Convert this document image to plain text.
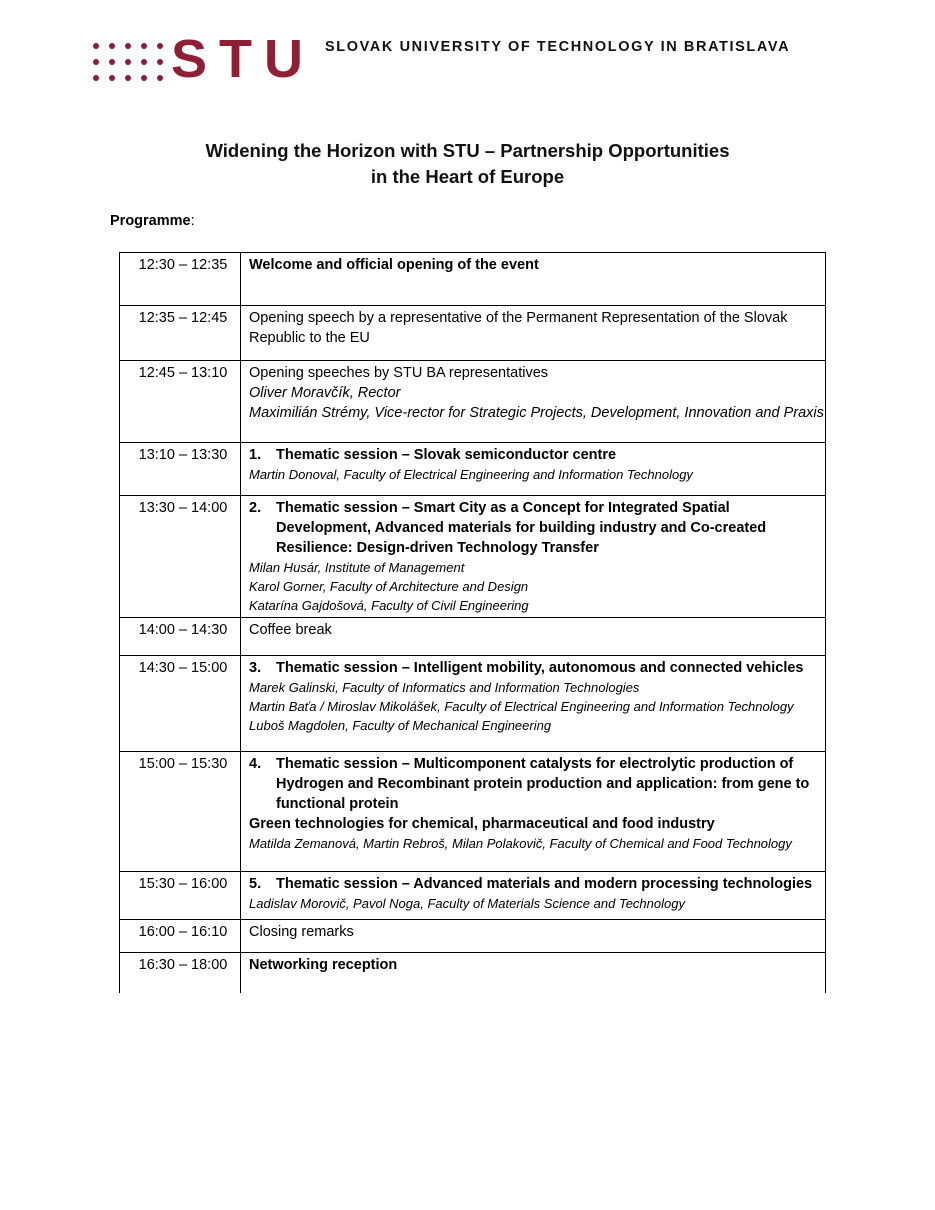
STU SLOVAK UNIVERSITY OF TECHNOLOGY IN BRATISLAVA
Widening the Horizon with STU – Partnership Opportunities
in the Heart of Europe
Programme:
12:30 – 12:35	Welcome and official opening of the event
12:35 – 12:45	Opening speech by a representative of the Permanent Representation of the Slovak Republic to the EU
12:45 – 13:10	Opening speeches by STU BA representatives
Oliver Moravčík, Rector
Maximilián Strémy, Vice-rector for Strategic Projects, Development, Innovation and Praxis

13:10 – 13:30	1. Thematic session – Slovak semiconductor centre
Martin Donoval, Faculty of Electrical Engineering and Information Technology

13:30 – 14:00	2. Thematic session – Smart City as a Concept for Integrated Spatial Development, Advanced materials for building industry and Co-created Resilience: Design-driven Technology Transfer
Milan Husár, Institute of Management
Karol Gorner, Faculty of Architecture and Design
Katarína Gajdošová, Faculty of Civil Engineering

14:00 – 14:30	Coffee break
14:30 – 15:00	3. Thematic session – Intelligent mobility, autonomous and connected vehicles
Marek Galinski, Faculty of Informatics and Information Technologies
Martin Baťa / Miroslav Mikolášek, Faculty of Electrical Engineering and Information Technology
Luboš Magdolen, Faculty of Mechanical Engineering

15:00 – 15:30	4. Thematic session – Multicomponent catalysts for electrolytic production of Hydrogen and Recombinant protein production and application: from gene to functional protein
Green technologies for chemical, pharmaceutical and food industry
Matilda Zemanová, Martin Rebroš, Milan Polakovič, Faculty of Chemical and Food Technology

15:30 – 16:00	5. Thematic session – Advanced materials and modern processing technologies
Ladislav Morovič, Pavol Noga, Faculty of Materials Science and Technology

16:00 – 16:10	Closing remarks
16:30 – 18:00	Networking reception
